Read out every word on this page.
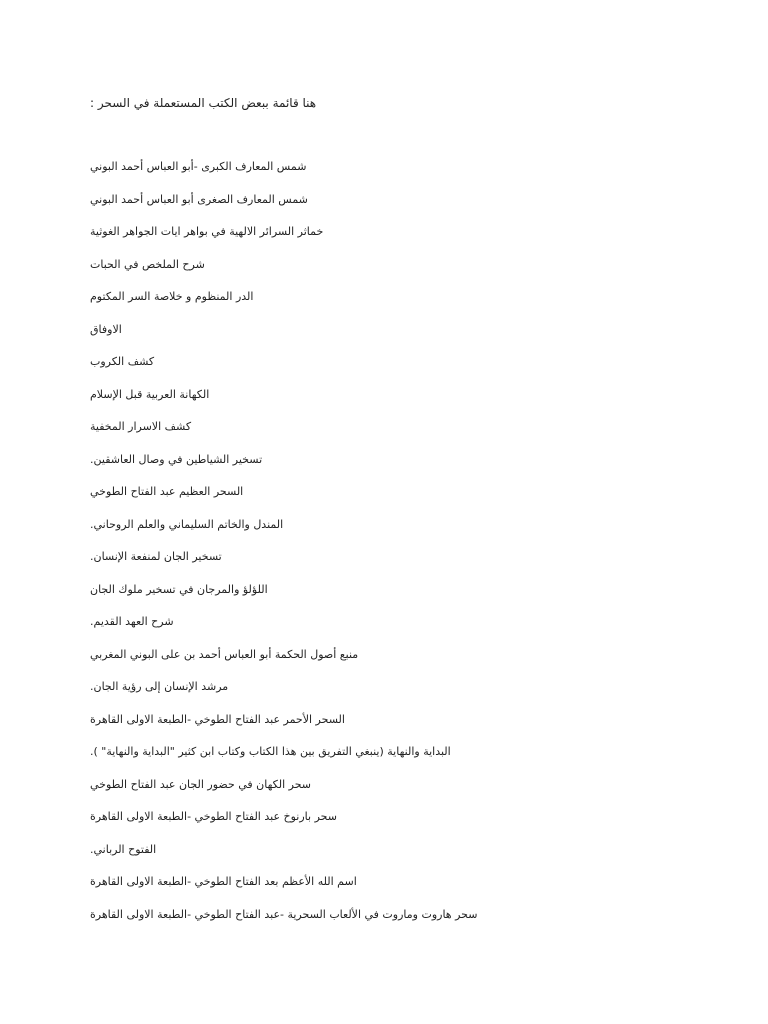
هنا قائمة ببعض الكتب المستعملة في السحر :
شمس المعارف الكبرى -أبو العباس أحمد البوني
شمس المعارف الصغرى أبو العباس أحمد البوني
خماثر السرائر الالهية في بواهر ايات الجواهر الغوثية
شرح الملخص في الحبات
الدر المنظوم و خلاصة السر المكتوم
الاوفاق
كشف الكروب
الكهانة العربية قبل الإسلام
كشف الاسرار المخفية
تسخير الشياطين في وصال العاشقين.
السحر العظيم عبد الفتاح الطوخي
المندل والخاتم السليماني والعلم الروحاني.
تسخير الجان لمنفعة الإنسان.
اللؤلؤ والمرجان في تسخير ملوك الجان
شرح العهد القديم.
منبع أصول الحكمة أبو العباس أحمد بن على البوني المغربي
مرشد الإنسان إلى رؤية الجان.
السحر الأحمر عبد الفتاح الطوخي -الطبعة الاولى القاهرة
البداية والنهاية (ينبغي التفريق بين هذا الكتاب وكتاب ابن كثير "البداية والنهاية" ).
سحر الكهان في حضور الجان عبد الفتاح الطوخي
سحر بارنوخ عبد الفتاح الطوخي -الطبعة الاولى القاهرة
الفتوح الرباني.
اسم الله الأعظم بعد الفتاح الطوخي -الطبعة الاولى القاهرة
سحر هاروت وماروت في الألعاب السحرية -عبد الفتاح الطوخي -الطبعة الاولى القاهرة
